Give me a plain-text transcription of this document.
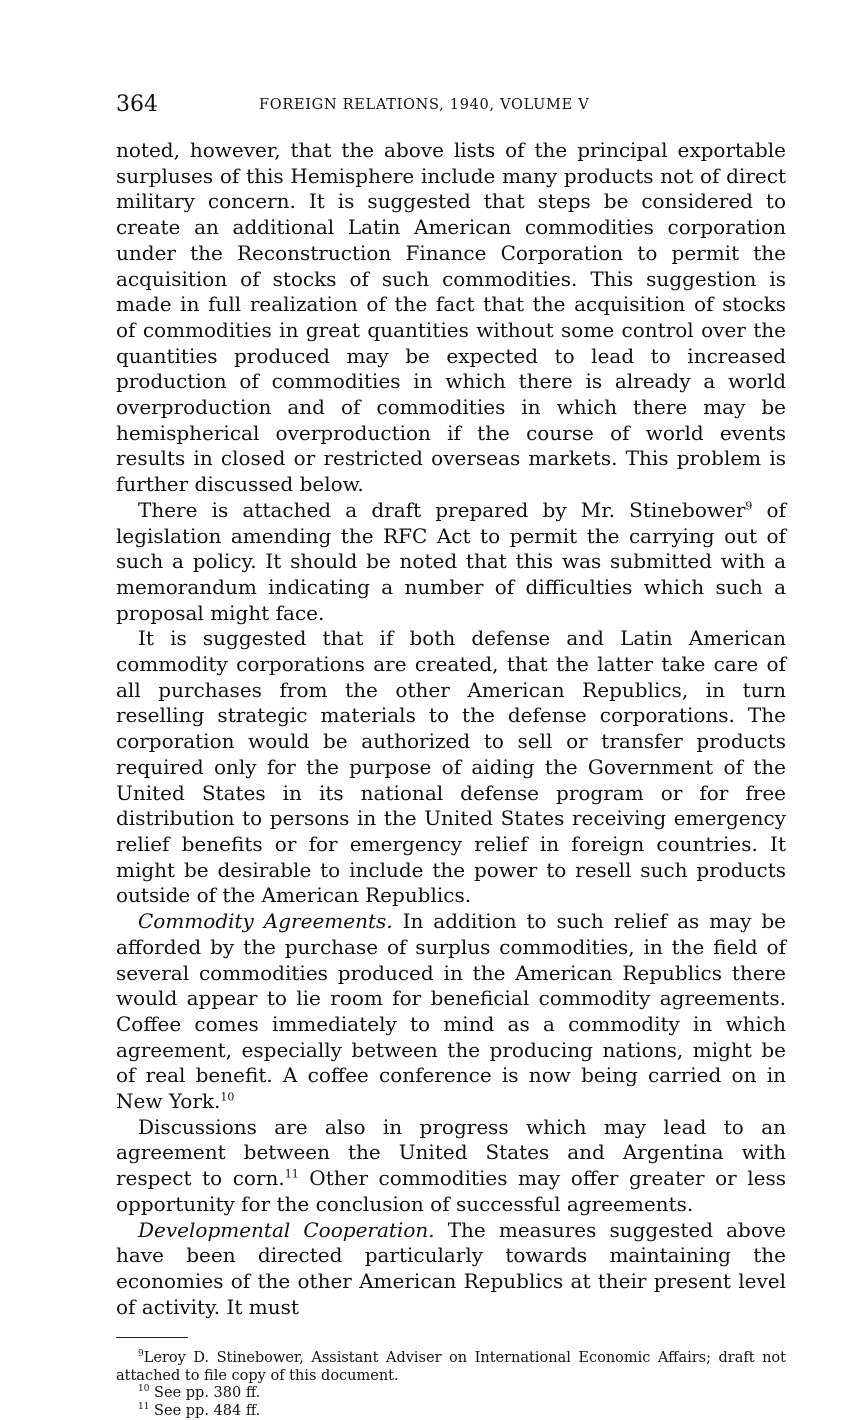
364	FOREIGN RELATIONS, 1940, VOLUME V

noted, however, that the above lists of the principal exportable surpluses of this Hemisphere include many products not of direct military concern. It is suggested that steps be considered to create an additional Latin American commodities corporation under the Reconstruction Finance Corporation to permit the acquisition of stocks of such commodities. This suggestion is made in full realization of the fact that the acquisition of stocks of commodities in great quantities without some control over the quantities produced may be expected to lead to increased production of commodities in which there is already a world overproduction and of commodities in which there may be hemispherical overproduction if the course of world events results in closed or restricted overseas markets. This problem is further discussed below.

There is attached a draft prepared by Mr. Stinebower$^9$ of legislation amending the RFC Act to permit the carrying out of such a policy. It should be noted that this was submitted with a memorandum indicating a number of difficulties which such a proposal might face.

It is suggested that if both defense and Latin American commodity corporations are created, that the latter take care of all purchases from the other American Republics, in turn reselling strategic materials to the defense corporations. The corporation would be authorized to sell or transfer products required only for the purpose of aiding the Government of the United States in its national defense program or for free distribution to persons in the United States receiving emergency relief benefits or for emergency relief in foreign countries. It might be desirable to include the power to resell such products outside of the American Republics.

Commodity Agreements. In addition to such relief as may be afforded by the purchase of surplus commodities, in the field of several commodities produced in the American Republics there would appear to lie room for beneficial commodity agreements. Coffee comes immediately to mind as a commodity in which agreement, especially between the producing nations, might be of real benefit. A coffee conference is now being carried on in New York.$^{10}$

Discussions are also in progress which may lead to an agreement between the United States and Argentina with respect to corn.$^{11}$ Other commodities may offer greater or less opportunity for the conclusion of successful agreements.

Developmental Cooperation. The measures suggested above have been directed particularly towards maintaining the economies of the other American Republics at their present level of activity. It must

$^9$Leroy D. Stinebower, Assistant Adviser on International Economic Affairs; draft not attached to file copy of this document.

$^{10}$ See pp. 380 ff.

$^{11}$ See pp. 484 ff.
